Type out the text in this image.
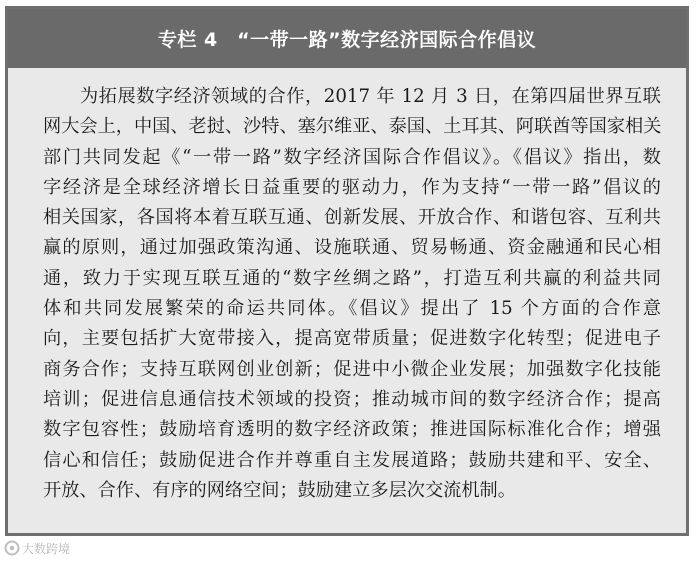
专栏 4　“一带一路”数字经济国际合作倡议
为拓展数字经济领域的合作，2017 年 12 月 3 日，在第四届世界互联
网大会上，中国、老挝、沙特、塞尔维亚、泰国、土耳其、阿联酋等国家相关
部门共同发起《“一带一路”数字经济国际合作倡议》。《倡议》指出，数
字经济是全球经济增长日益重要的驱动力，作为支持“一带一路”倡议的
相关国家，各国将本着互联互通、创新发展、开放合作、和谐包容、互利共
赢的原则，通过加强政策沟通、设施联通、贸易畅通、资金融通和民心相
通，致力于实现互联互通的“数字丝绸之路”，打造互利共赢的利益共同
体和共同发展繁荣的命运共同体。《倡议》提出了 15 个方面的合作意
向，主要包括扩大宽带接入，提高宽带质量；促进数字化转型；促进电子
商务合作；支持互联网创业创新；促进中小微企业发展；加强数字化技能
培训；促进信息通信技术领域的投资；推动城市间的数字经济合作；提高
数字包容性；鼓励培育透明的数字经济政策；推进国际标准化合作；增强
信心和信任；鼓励促进合作并尊重自主发展道路；鼓励共建和平、安全、
开放、合作、有序的网络空间；鼓励建立多层次交流机制。
大数跨境
